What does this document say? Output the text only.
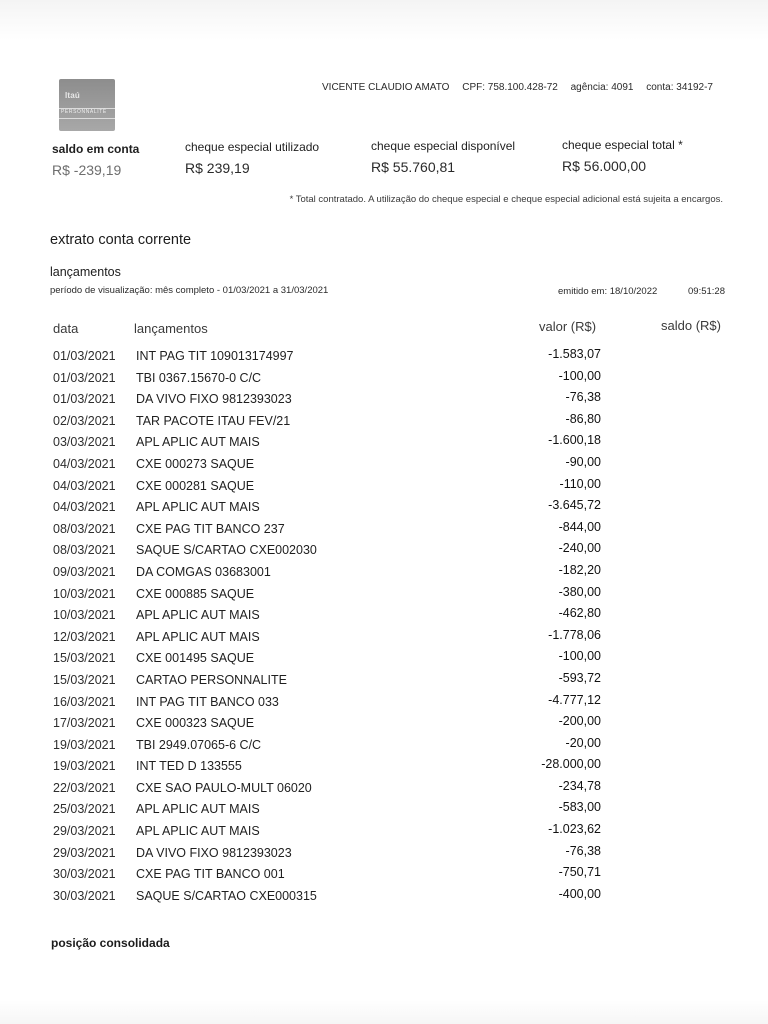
Itaú
PERSONNALITÉ
VICENTE CLAUDIO AMATO CPF: 758.100.428-72 agência: 4091 conta: 34192-7
saldo em conta
R$ -239,19
cheque especial utilizado
R$ 239,19
cheque especial disponível
R$ 55.760,81
cheque especial total *
R$ 56.000,00
* Total contratado. A utilização do cheque especial e cheque especial adicional está sujeita a encargos.
extrato conta corrente
lançamentos
período de visualização: mês completo - 01/03/2021 a 31/03/2021	emitido em: 18/10/2022	09:51:28
data	lançamentos	valor (R$)	saldo (R$)
01/03/2021 INT PAG TIT 109013174997	-1.583,07
01/03/2021 TBI 0367.15670-0 C/C	-100,00
01/03/2021 DA VIVO FIXO 9812393023	-76,38
02/03/2021 TAR PACOTE ITAU FEV/21	-86,80
03/03/2021 APL APLIC AUT MAIS	-1.600,18
04/03/2021 CXE 000273 SAQUE	-90,00
04/03/2021 CXE 000281 SAQUE	-110,00
04/03/2021 APL APLIC AUT MAIS	-3.645,72
08/03/2021 CXE PAG TIT BANCO 237	-844,00
08/03/2021 SAQUE S/CARTAO CXE002030	-240,00
09/03/2021 DA COMGAS 03683001	-182,20
10/03/2021 CXE 000885 SAQUE	-380,00
10/03/2021 APL APLIC AUT MAIS	-462,80
12/03/2021 APL APLIC AUT MAIS	-1.778,06
15/03/2021 CXE 001495 SAQUE	-100,00
15/03/2021 CARTAO PERSONNALITE	-593,72
16/03/2021 INT PAG TIT BANCO 033	-4.777,12
17/03/2021 CXE 000323 SAQUE	-200,00
19/03/2021 TBI 2949.07065-6 C/C	-20,00
19/03/2021 INT TED D 133555	-28.000,00
22/03/2021 CXE SAO PAULO-MULT 06020	-234,78
25/03/2021 APL APLIC AUT MAIS	-583,00
29/03/2021 APL APLIC AUT MAIS	-1.023,62
29/03/2021 DA VIVO FIXO 9812393023	-76,38
30/03/2021 CXE PAG TIT BANCO 001	-750,71
30/03/2021 SAQUE S/CARTAO CXE000315	-400,00
posição consolidada
